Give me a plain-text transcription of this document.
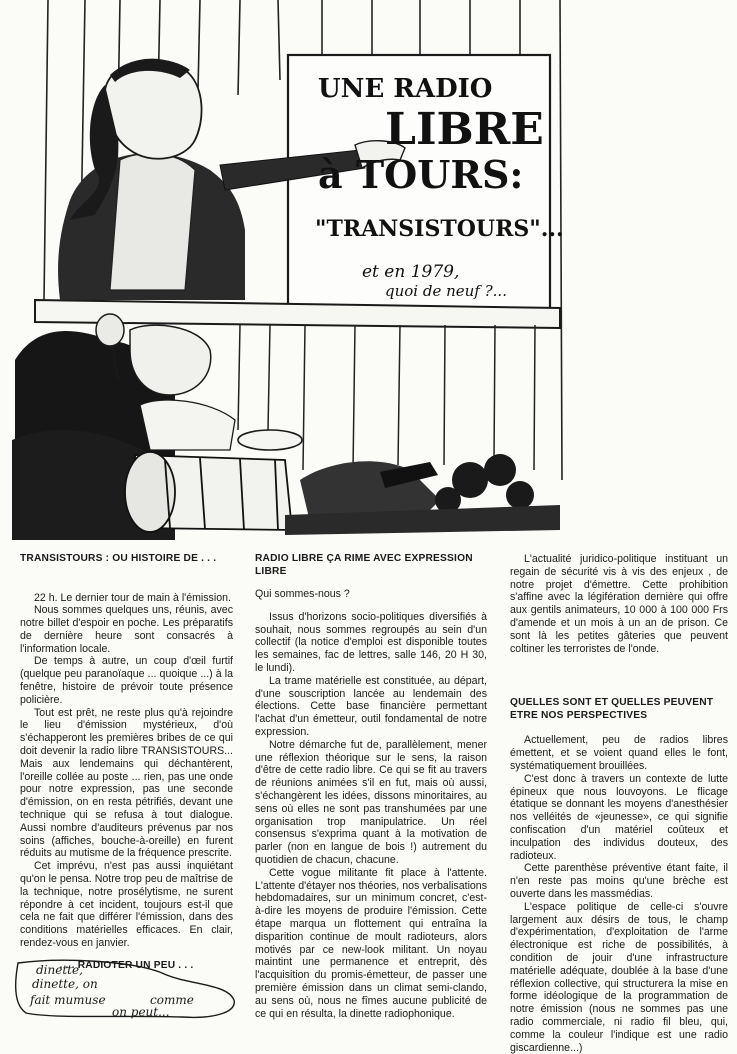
UNE RADIO
LIBRE
à TOURS:
"TRANSISTOURS"...
et en 1979,
quoi de neuf ?...
TRANSISTOURS : OU HISTOIRE DE . . .

22 h. Le dernier tour de main à l'émission.

Nous sommes quelques uns, réunis, avec notre billet d'espoir en poche. Les préparatifs de dernière heure sont consacrés à l'information locale.

De temps à autre, un coup d'œil furtif (quelque peu paranoïaque ... quoique ...) à la fenêtre, histoire de prévoir toute présence policière.

Tout est prêt, ne reste plus qu'à rejoindre le lieu d'émission mystérieux, d'où s'échapperont les premières bribes de ce qui doit devenir la radio libre TRANSISTOURS... Mais aux lendemains qui déchantèrent, l'oreille collée au poste ... rien, pas une onde pour notre expression, pas une seconde d'émission, on en resta pétrifiés, devant une technique qui se refusa à tout dialogue. Aussi nombre d'auditeurs prévenus par nos soins (affiches, bouche-à-oreille) en furent réduits au mutisme de la fréquence prescrite.

Cet imprévu, n'est pas aussi inquiétant qu'on le pensa. Notre trop peu de maîtrise de la technique, notre prosélytisme, ne surent répondre à cet incident, toujours est-il que cela ne fait que différer l'émission, dans des conditions matérielles efficaces. En clair, rendez-vous en janvier.

. . . RADIOTER UN PEU . . .
dinette,
dinette, on
fait mumuse	comme
on peut...
RADIO LIBRE ÇA RIME AVEC EXPRESSION LIBRE

Qui sommes-nous ?

Issus d'horizons socio-politiques diversifiés à souhait, nous sommes regroupés au sein d'un collectif (la notice d'emploi est disponible toutes les semaines, fac de lettres, salle 146, 20 H 30, le lundi).

La trame matérielle est constituée, au départ, d'une souscription lancée au lendemain des élections. Cette base financière permettant l'achat d'un émetteur, outil fondamental de notre expression.

Notre démarche fut de, parallèlement, mener une réflexion théorique sur le sens, la raison d'être de cette radio libre. Ce qui se fit au travers de réunions animées s'il en fut, mais où aussi, s'échangèrent les idées, dissons minoritaires, au sens où elles ne sont pas transhumées par une organisation trop manipulatrice. Un réel consensus s'exprima quant à la motivation de parler (non en langue de bois !) autrement du quotidien de chacun, chacune.

Cette vogue militante fit place à l'attente. L'attente d'étayer nos théories, nos verbalisations hebdomadaires, sur un minimum concret, c'est-à-dire les moyens de produire l'émission. Cette étape marqua un flottement qui entraîna la disparition continue de moult radioteurs, alors motivés par ce new-look militant. Un noyau maintint une permanence et entreprit, dès l'acquisition du promis-émetteur, de passer une première émission dans un climat semi-clando, au sens où, nous ne fîmes aucune publicité de ce qui en résulta, la dinette radiophonique.

L'actualité juridico-politique instituant un regain de sécurité vis à vis des enjeux , de notre projet d'émettre. Cette prohibition s'affine avec la légifération dernière qui offre aux gentils animateurs, 10 000 à 100 000 Frs d'amende et un mois à un an de prison. Ce sont là les petites gâteries que peuvent coltiner les terroristes de l'onde.

QUELLES SONT ET QUELLES PEUVENT ETRE NOS PERSPECTIVES

Actuellement, peu de radios libres émettent, et se voient quand elles le font, systématiquement brouillées.

C'est donc à travers un contexte de lutte épineux que nous louvoyons. Le flicage étatique se donnant les moyens d'anesthésier nos velléités de «jeunesse», ce qui signifie confiscation d'un matériel coûteux et inculpation des individus douteux, des radioteux.

Cette parenthèse préventive étant faite, il n'en reste pas moins qu'une brèche est ouverte dans les massmédias.

L'espace politique de celle-ci s'ouvre largement aux désirs de tous, le champ d'expérimentation, d'exploitation de l'arme électronique est riche de possibilités, à condition de jouir d'une infrastructure matérielle adéquate, doublée à la base d'une réflexion collective, qui structurera la mise en forme idéologique de la programmation de notre émission (nous ne sommes pas une radio commerciale, ni radio fil bleu, qui, comme la couleur l'indique est une radio giscardienne...)
